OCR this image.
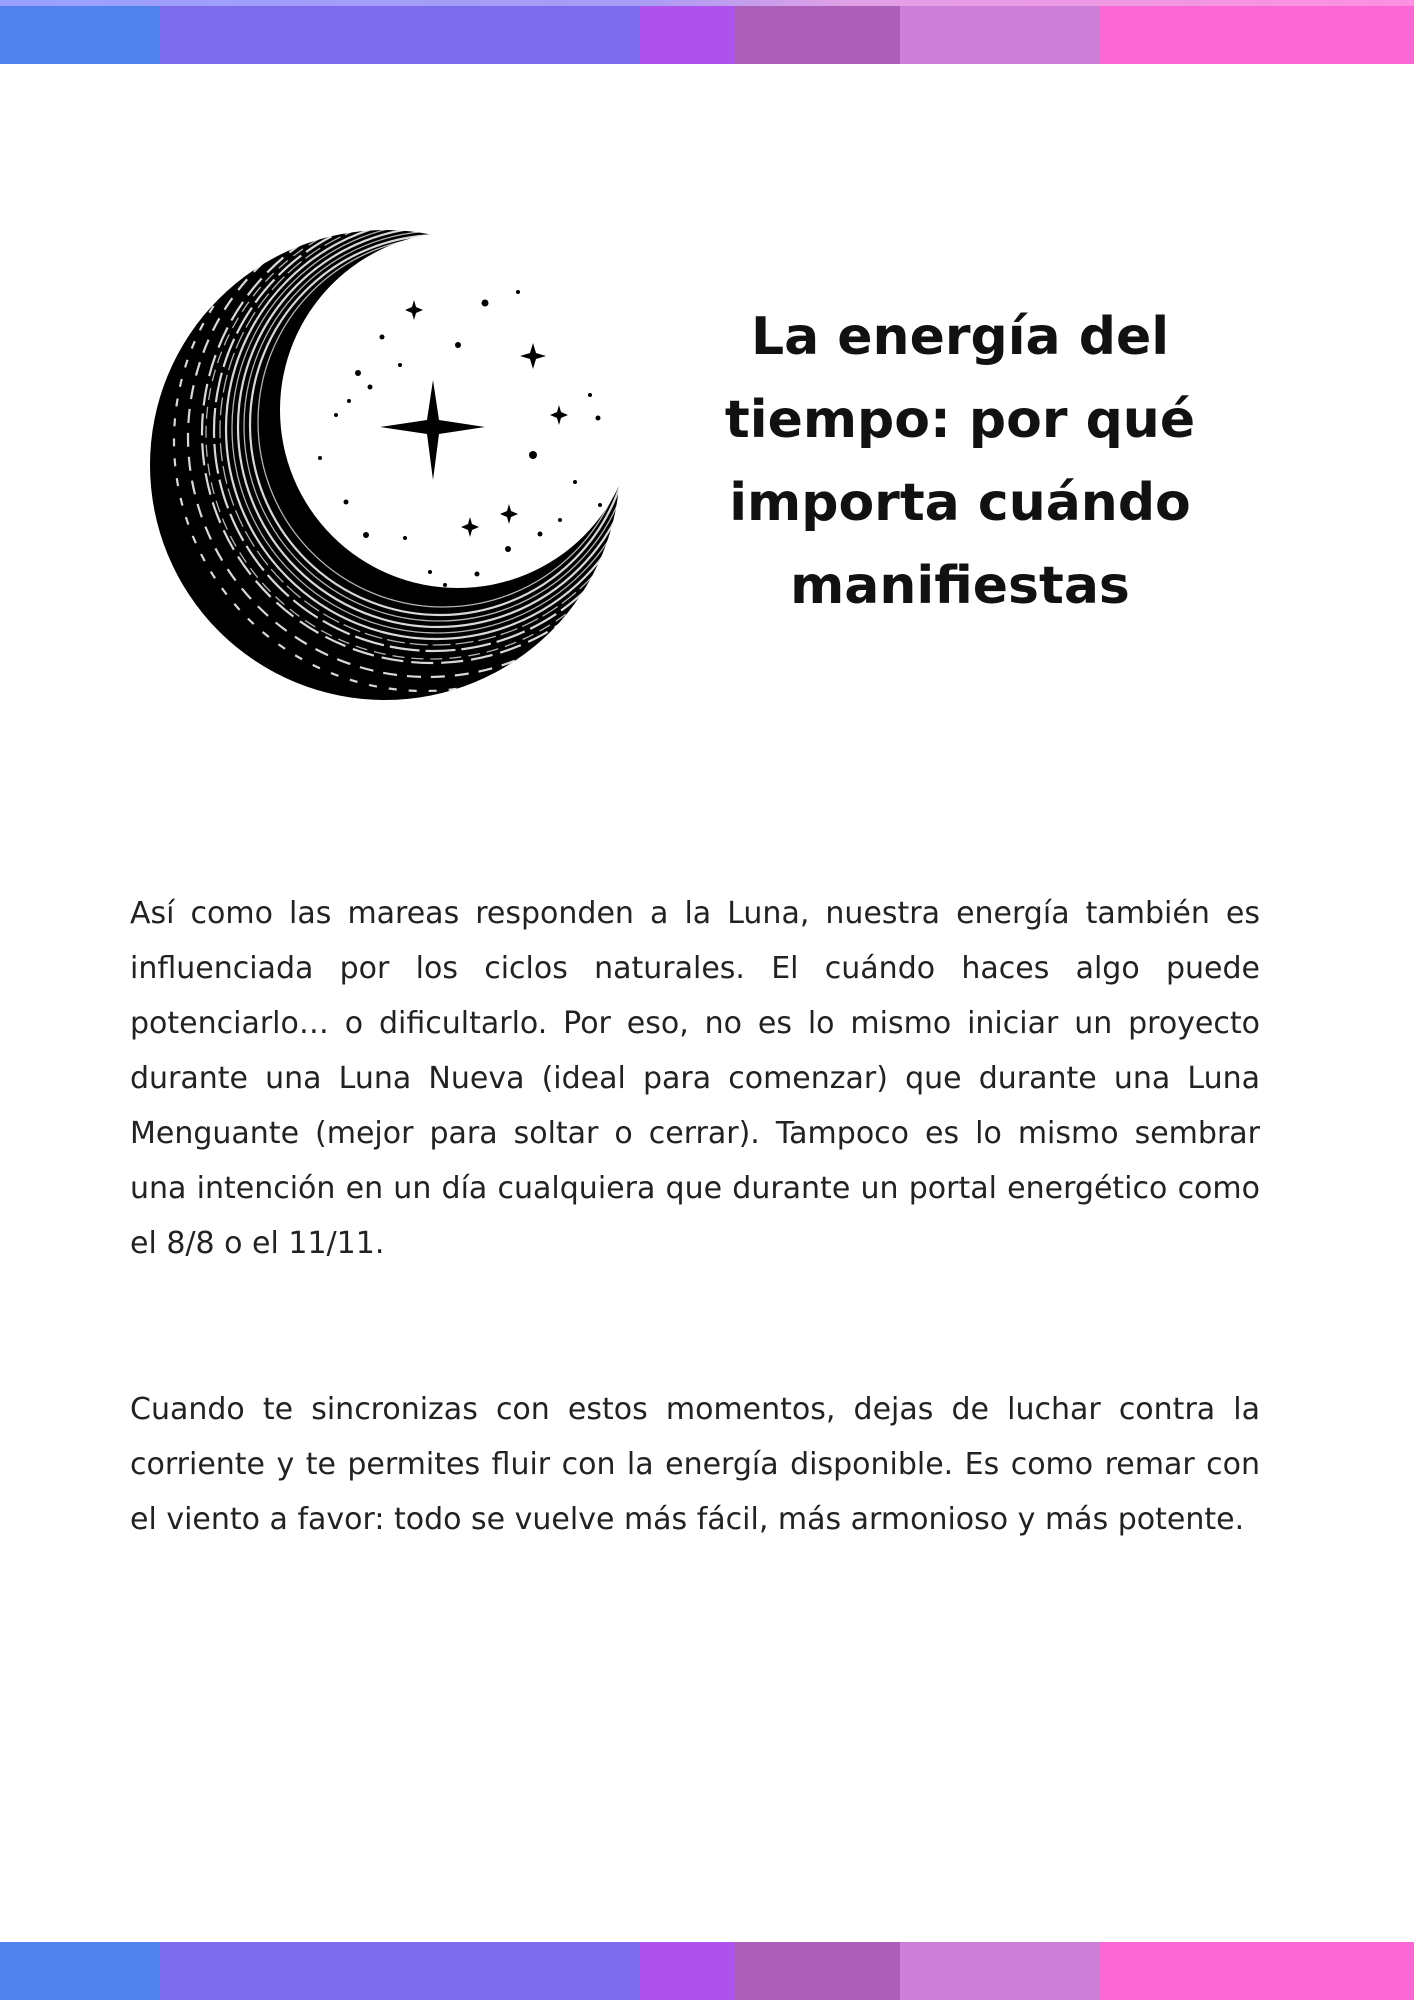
La energía del tiempo: por qué importa cuándo manifiestas

Así como las mareas responden a la Luna, nuestra energía también es influenciada por los ciclos naturales. El cuándo haces algo puede potenciarlo… o dificultarlo. Por eso, no es lo mismo iniciar un proyecto durante una Luna Nueva (ideal para comenzar) que durante una Luna Menguante (mejor para soltar o cerrar). Tampoco es lo mismo sembrar una intención en un día cualquiera que durante un portal energético como el 8/8 o el 11/11.

Cuando te sincronizas con estos momentos, dejas de luchar contra la corriente y te permites fluir con la energía disponible. Es como remar con el viento a favor: todo se vuelve más fácil, más armonioso y más potente.
